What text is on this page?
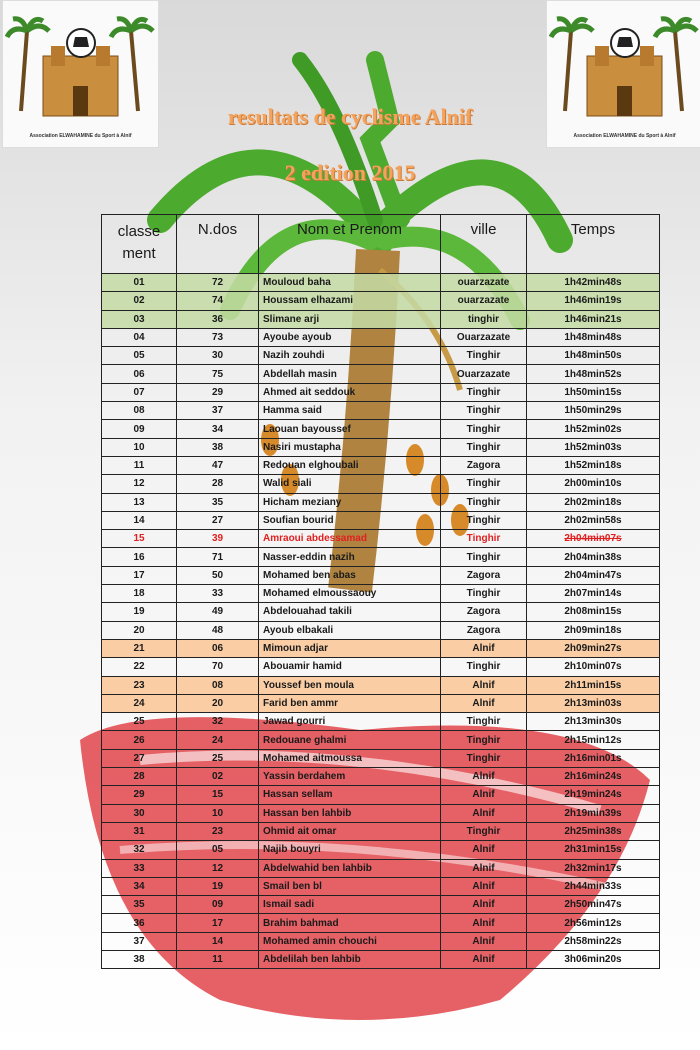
Association ELWAHAMINE du Sport à Alnif	Association ELWAHAMINE du Sport à Alnif
resultats de cyclisme Alnif
2 edition 2015
classe ment	N.dos	Nom et Prenom	ville	Temps
01	72	Mouloud baha	ouarzazate	1h42min48s
02	74	Houssam elhazami	ouarzazate	1h46min19s
03	36	Slimane arji	tinghir	1h46min21s
04	73	Ayoube ayoub	Ouarzazate	1h48min48s
05	30	Nazih zouhdi	Tinghir	1h48min50s
06	75	Abdellah masin	Ouarzazate	1h48min52s
07	29	Ahmed ait seddouk	Tinghir	1h50min15s
08	37	Hamma said	Tinghir	1h50min29s
09	34	Laouan bayoussef	Tinghir	1h52min02s
10	38	Nasiri mustapha	Tinghir	1h52min03s
11	47	Redouan elghoubali	Zagora	1h52min18s
12	28	Walid siali	Tinghir	2h00min10s
13	35	Hicham meziany	Tinghir	2h02min18s
14	27	Soufian bourid	Tinghir	2h02min58s
15	39	Amraoui abdessamad	Tinghir	2h04min07s
16	71	Nasser-eddin nazih	Tinghir	2h04min38s
17	50	Mohamed ben abas	Zagora	2h04min47s
18	33	Mohamed elmoussaouy	Tinghir	2h07min14s
19	49	Abdelouahad takili	Zagora	2h08min15s
20	48	Ayoub elbakali	Zagora	2h09min18s
21	06	Mimoun adjar	Alnif	2h09min27s
22	70	Abouamir hamid	Tinghir	2h10min07s
23	08	Youssef ben moula	Alnif	2h11min15s
24	20	Farid ben ammr	Alnif	2h13min03s
25	32	Jawad gourri	Tinghir	2h13min30s
26	24	Redouane ghalmi	Tinghir	2h15min12s
27	25	Mohamed aitmoussa	Tinghir	2h16min01s
28	02	Yassin berdahem	Alnif	2h16min24s
29	15	Hassan sellam	Alnif	2h19min24s
30	10	Hassan ben lahbib	Alnif	2h19min39s
31	23	Ohmid ait omar	Tinghir	2h25min38s
32	05	Najib bouyri	Alnif	2h31min15s
33	12	Abdelwahid ben lahbib	Alnif	2h32min17s
34	19	Smail ben bl	Alnif	2h44min33s
35	09	Ismail sadi	Alnif	2h50min47s
36	17	Brahim bahmad	Alnif	2h56min12s
37	14	Mohamed amin chouchi	Alnif	2h58min22s
38	11	Abdelilah ben lahbib	Alnif	3h06min20s
